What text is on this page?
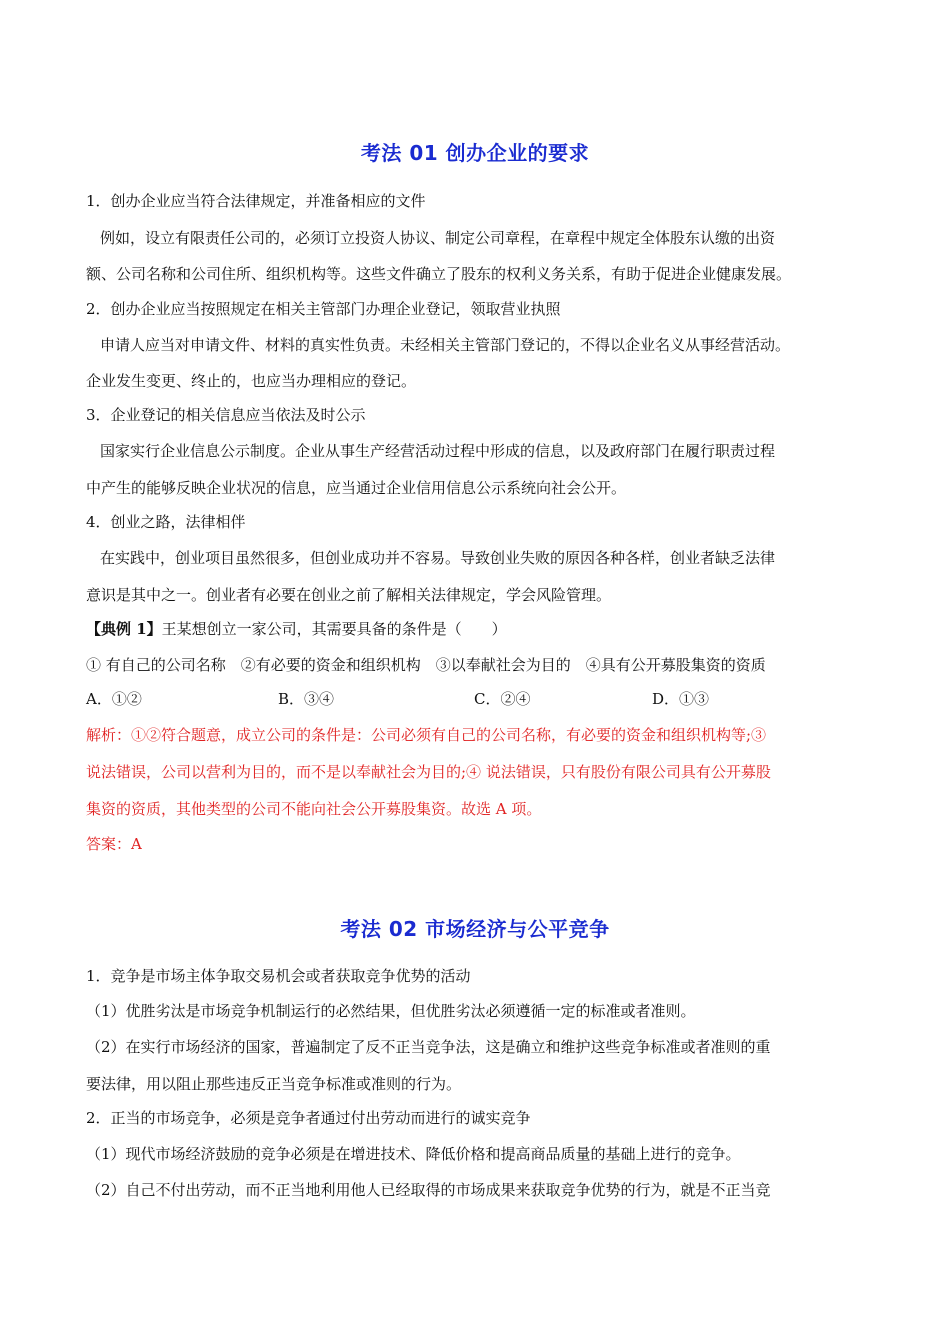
考法 01 创办企业的要求
1．创办企业应当符合法律规定，并准备相应的文件
例如，设立有限责任公司的，必须订立投资人协议、制定公司章程，在章程中规定全体股东认缴的出资
额、公司名称和公司住所、组织机构等。这些文件确立了股东的权利义务关系，有助于促进企业健康发展。
2．创办企业应当按照规定在相关主管部门办理企业登记，领取营业执照
申请人应当对申请文件、材料的真实性负责。未经相关主管部门登记的，不得以企业名义从事经营活动。
企业发生变更、终止的，也应当办理相应的登记。
3．企业登记的相关信息应当依法及时公示
国家实行企业信息公示制度。企业从事生产经营活动过程中形成的信息，以及政府部门在履行职责过程
中产生的能够反映企业状况的信息，应当通过企业信用信息公示系统向社会公开。
4．创业之路，法律相伴
在实践中，创业项目虽然很多，但创业成功并不容易。导致创业失败的原因各种各样，创业者缺乏法律
意识是其中之一。创业者有必要在创业之前了解相关法律规定，学会风险管理。
【典例 1】王某想创立一家公司，其需要具备的条件是（　　）
① 有自己的公司名称　②有必要的资金和组织机构　③以奉献社会为目的　④具有公开募股集资的资质
A．①②	B．③④	C．②④	D．①③
解析：①②符合题意，成立公司的条件是：公司必须有自己的公司名称，有必要的资金和组织机构等;③
说法错误，公司以营利为目的，而不是以奉献社会为目的;④ 说法错误，只有股份有限公司具有公开募股
集资的资质，其他类型的公司不能向社会公开募股集资。故选 A 项。
答案：A
考法 02 市场经济与公平竞争
1．竞争是市场主体争取交易机会或者获取竞争优势的活动
（1）优胜劣汰是市场竞争机制运行的必然结果，但优胜劣汰必须遵循一定的标准或者准则。
（2）在实行市场经济的国家，普遍制定了反不正当竞争法，这是确立和维护这些竞争标准或者准则的重
要法律，用以阻止那些违反正当竞争标准或准则的行为。
2．正当的市场竞争，必须是竞争者通过付出劳动而进行的诚实竞争
（1）现代市场经济鼓励的竞争必须是在增进技术、降低价格和提高商品质量的基础上进行的竞争。
（2）自己不付出劳动，而不正当地利用他人已经取得的市场成果来获取竞争优势的行为，就是不正当竞
